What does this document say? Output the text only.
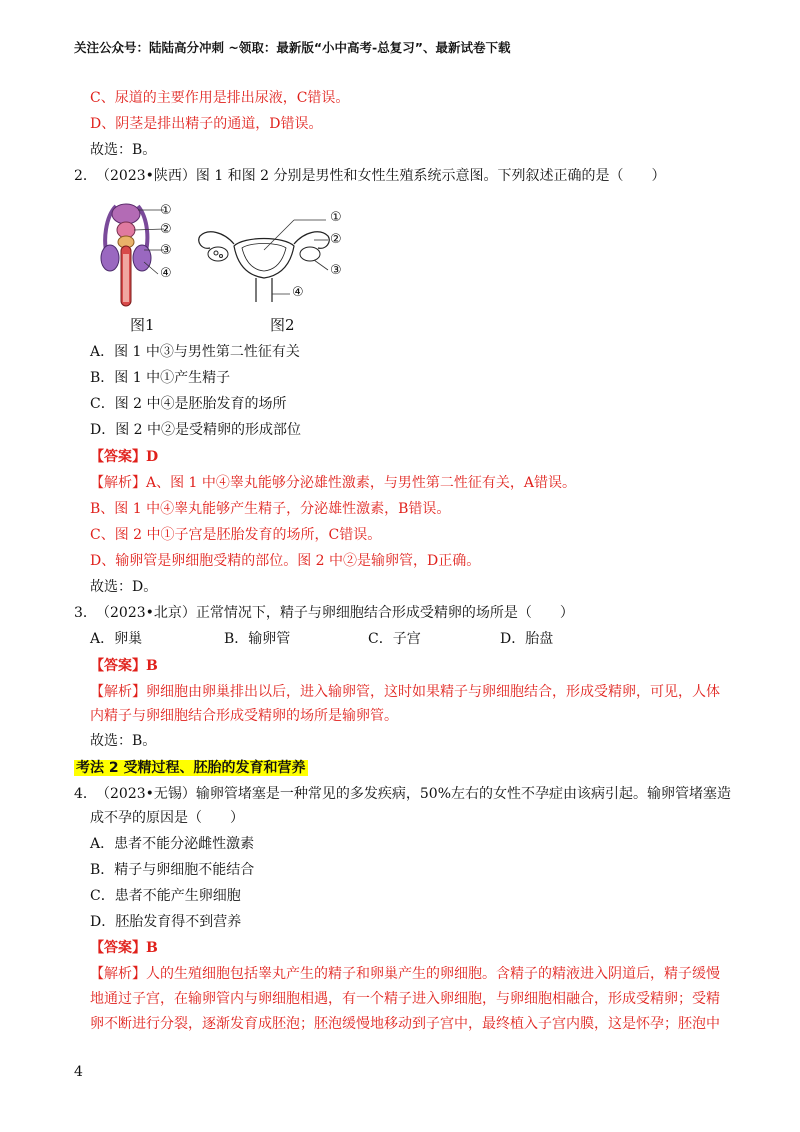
关注公众号：陆陆高分冲刺 ~领取：最新版“小中高考-总复习”、最新试卷下载
C、尿道的主要作用是排出尿液，C错误。
D、阴茎是排出精子的通道，D错误。
故选：B。
2． （2023•陕西）图 1 和图 2 分别是男性和女性生殖系统示意图。下列叙述正确的是（　　）
①
②
③
④
图1
①
②
③
④
图2
A．图 1 中③与男性第二性征有关
B．图 1 中①产生精子
C．图 2 中④是胚胎发育的场所
D．图 2 中②是受精卵的形成部位
【答案】D
【解析】A、图 1 中④睾丸能够分泌雄性激素，与男性第二性征有关，A错误。
B、图 1 中④睾丸能够产生精子，分泌雄性激素，B错误。
C、图 2 中①子宫是胚胎发育的场所，C错误。
D、输卵管是卵细胞受精的部位。图 2 中②是输卵管，D正确。
故选：D。
3． （2023•北京）正常情况下，精子与卵细胞结合形成受精卵的场所是（　　）
A．卵巢	B．输卵管	C．子宫	D．胎盘
【答案】B
【解析】卵细胞由卵巢排出以后，进入输卵管，这时如果精子与卵细胞结合，形成受精卵，可见，人体
内精子与卵细胞结合形成受精卵的场所是输卵管。
故选：B。
考法 2 受精过程、胚胎的发育和营养
4． （2023•无锡）输卵管堵塞是一种常见的多发疾病，50%左右的女性不孕症由该病引起。输卵管堵塞造
成不孕的原因是（　　）
A．患者不能分泌雌性激素
B．精子与卵细胞不能结合
C．患者不能产生卵细胞
D．胚胎发育得不到营养
【答案】B
【解析】人的生殖细胞包括睾丸产生的精子和卵巢产生的卵细胞。含精子的精液进入阴道后，精子缓慢
地通过子宫，在输卵管内与卵细胞相遇，有一个精子进入卵细胞，与卵细胞相融合，形成受精卵；受精
卵不断进行分裂，逐渐发育成胚泡；胚泡缓慢地移动到子宫中，最终植入子宫内膜，这是怀孕；胚泡中
4
